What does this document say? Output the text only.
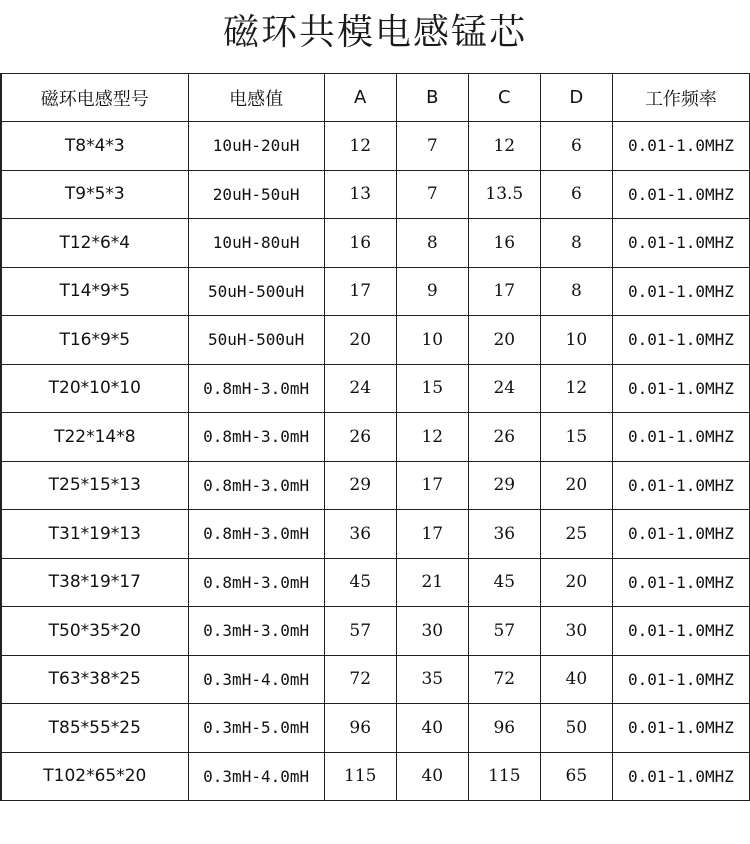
磁环共模电感锰芯
磁环电感型号	电感值	A	B	C	D	工作频率
T8*4*3	10uH-20uH	12	7	12	6	0.01-1.0MHZ
T9*5*3	20uH-50uH	13	7	13.5	6	0.01-1.0MHZ
T12*6*4	10uH-80uH	16	8	16	8	0.01-1.0MHZ
T14*9*5	50uH-500uH	17	9	17	8	0.01-1.0MHZ
T16*9*5	50uH-500uH	20	10	20	10	0.01-1.0MHZ
T20*10*10	0.8mH-3.0mH	24	15	24	12	0.01-1.0MHZ
T22*14*8	0.8mH-3.0mH	26	12	26	15	0.01-1.0MHZ
T25*15*13	0.8mH-3.0mH	29	17	29	20	0.01-1.0MHZ
T31*19*13	0.8mH-3.0mH	36	17	36	25	0.01-1.0MHZ
T38*19*17	0.8mH-3.0mH	45	21	45	20	0.01-1.0MHZ
T50*35*20	0.3mH-3.0mH	57	30	57	30	0.01-1.0MHZ
T63*38*25	0.3mH-4.0mH	72	35	72	40	0.01-1.0MHZ
T85*55*25	0.3mH-5.0mH	96	40	96	50	0.01-1.0MHZ
T102*65*20	0.3mH-4.0mH	115	40	115	65	0.01-1.0MHZ
